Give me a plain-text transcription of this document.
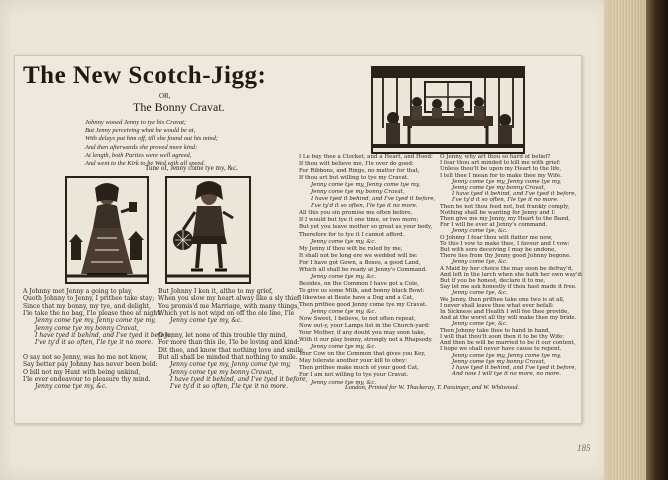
The New Scotch-Jigg:
OR,
The Bonny Cravat.
Johnny wooed Jenny to tye his Cravat;
But Jenny perceiving what he would be at,
With delays put him off, till she found out his mind;
And then afterwards she proved more kind:
At length, both Parties were well agreed,
And went to the Kirk to be Wed with all speed.
Tune of, Jenny come tye my, &c.
A Johnny met Jenny a going to play,
Quoth Johnny to Jenny, I prithee take stay;
Since that my bonny, my tye, and delight,
I'le take the no bag, I'le please thee at night.
Jenny come tye my, Jenny come tye my,
Jenny come tye my bonny Cravat,
I have tyed it behind, and I've tyed it before,
I've ty'd it so often, I'le tye it no more.

O say not so Jenny, was ho me not know,
Say better pay Johnny has never been bold:
O bill not my Hunt with being unkind,
I'le ever endeavour to pleasure thy mind.
Jenny come tye my, &c.
But Johnny I ken it, altho to my grief,
When you slow my heart alway like a sly thief:
You promis'd me Marriage, with many things,
Which yet is not wipd on off the ole line, I'le
Jenny come tye my, &c.

O Jenny, let none of this trouble thy mind,
For more than this ile, I'le be loving and kind:
Dit thee, and know that nothing love and smile,
But all shall be minded that nothing to smile.
Jenny come tye my, Jenny come tye my,
Jenny come tye my bonny Cravat,
I have tyed it behind, and I've tyed it before,
I've ty'd it so often, I'le tye it no more.
I Le buy thee a Clocket, and a Heart, and Hood:
If thou wilt believe me, I'le over do good:
For Ribbons, and Rings, no matter for that,
If thou art but willing to tye my Cravat.
Jenny come tye my, Jenny come tye my,
Jenny come tye my bonny Cravat,
I have tyed it behind, and I've tyed it before,
I've ty'd it so often, I'le tye it no more.
All this you sin promise me often before,
If I would but tye it one time, or two more;
But yet you leave mother so great as your body,
Therefore for to tye it I cannot afford.
Jenny come tye my, &c.
My Jenny if thou wilt be ruled by me,
It shall not be long ere we wedded will be:
For I have got Gown, a Boxes, a good Land,
Which all shall be ready at Jenny's Command.
Jenny come tye my, &c.
Besides, on the Common I have got a Cole,
To give us some Milk, and bonny black Bowl:
I likewise at Beate have a Dog and a Cat,
Then prithee good Jenny come tye my Cravat.
Jenny come tye my, &c.
Now Sweet, I believe, to not often repeat,
Now out-y, your Lamps list in the Church-yard:
Your Mother, if any doubt you may soon take,
With it our play bonny, strongly not a Rhapsody.
Jenny come tye my, &c.
Your Cow on the Common that gives you Key,
May tolerate another your kill to obey:
Then prithee make much of your good Cat,
For I am not willing to tye your Cravat.
Jenny come tye my, &c.
O Jenny, why art thou so hard of belief?
I fear thou art minded to kill me with grief:
Unless thou'lt be upon my Heart to the life,
I tell thee I mean for to make thee my Wife.
Jenny come tye my, Jenny come tye my,
Jenny come tye my bonny Cravat,
I have tyed it behind, and I've tyed it before,
I've ty'd it so often, I'le tye it no more.
Then be not thou feed not, but frankly comply,
Nothing shall be wanting for Jenny and I:
Then give me my Jenny, my Heart to the Band,
For I will be ever at Jenny's command.
Jenny come tye, &c.
O Johnny I fear thou wilt flatter me now,
To this I vow to make thee, I favour and I vow:
But with sore deceiving I may be undone,
There lies from thy Jenny good Johnny begone.
Jenny come tye, &c.
A Maid by her choice the may soon be defray'd,
And left in the lurch when she hath her own way'd:
But if you be honest, declare it to me,
Say let me ask honestly if thou hast made it free.
Jenny come tye, &c.
We Jenny, then prithee take one two is at all,
I never shall leave thee what ever befall:
In Sickness and Health I will fee thee provide,
And at the worst all thy will make thee my bride.
Jenny come tye, &c.
Then Johnny take thee to hand in hand,
I will that thou'lt soon then it to be thy Wife:
And then be will be married to be it our content,
I hope we shall never have cause to repent.
Jenny come tye my, Jenny come tye my,
Jenny come tye my bonny Cravat,
I have tyed it behind, and I've tyed it before,
And now I will tye it no more, no more.
London, Printed for W. Thackeray, T. Passinger, and W. Whitwood.
185
